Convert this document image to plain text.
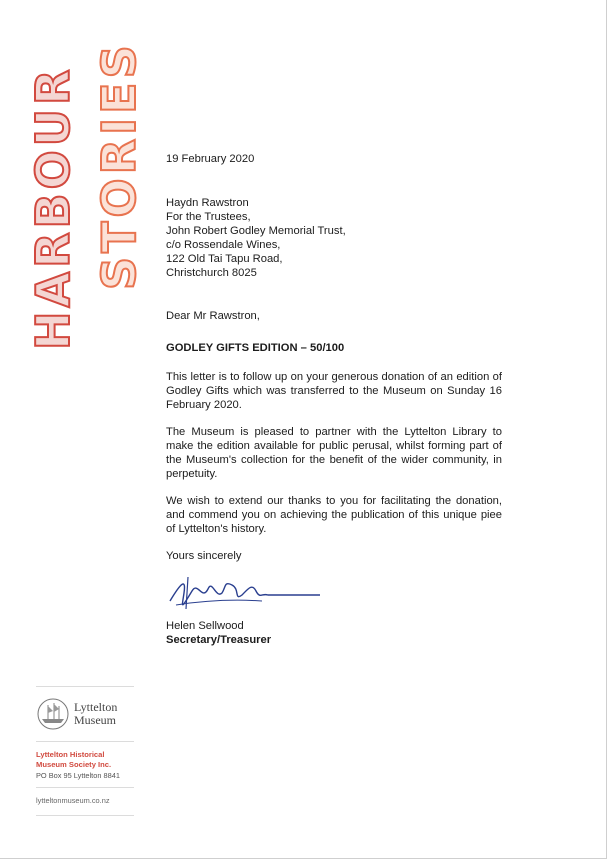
HARBOUR STORIES 19 February 2020
Haydn Rawstron
For the Trustees,
John Robert Godley Memorial Trust,
c/o Rossendale Wines,
122 Old Tai Tapu Road,
Christchurch 8025
Dear Mr Rawstron,
GODLEY GIFTS EDITION – 50/100

This letter is to follow up on your generous donation of an edition of Godley Gifts which was transferred to the Museum on Sunday 16 February 2020.

The Museum is pleased to partner with the Lyttelton Library to make the edition available for public perusal, whilst forming part of the Museum's collection for the benefit of the wider community, in perpetuity.

We wish to extend our thanks to you for facilitating the donation, and commend you on achieving the publication of this unique piee of Lyttelton's history.

Yours sincerely
Helen Sellwood
Secretary/Treasurer
Lyttelton
Museum
Lyttelton Historical
Museum Society Inc.
PO Box 95 Lyttelton 8841
lytteltonmuseum.co.nz
